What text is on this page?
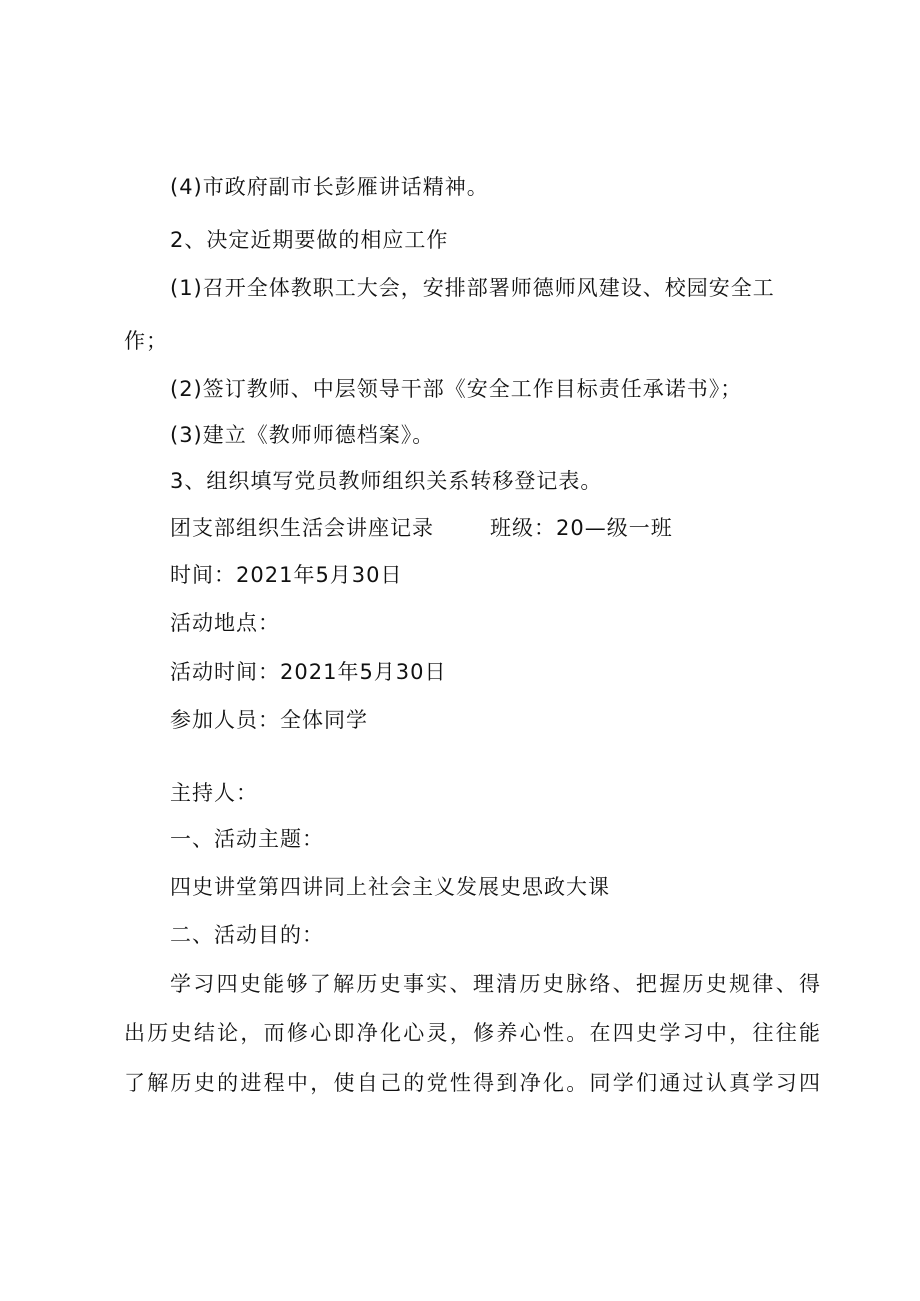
(4)市政府副市长彭雁讲话精神。
2、决定近期要做的相应工作
(1)召开全体教职工大会，安排部署师德师风建设、校园安全工
作；
(2)签订教师、中层领导干部《安全工作目标责任承诺书》；
(3)建立《教师师德档案》。
3、组织填写党员教师组织关系转移登记表。
团支部组织生活会讲座记录	班级：20—级一班
时间：2021年5月30日
活动地点：
活动时间：2021年5月30日
参加人员：全体同学
主持人：
一、活动主题：
四史讲堂第四讲同上社会主义发展史思政大课
二、活动目的：
学习四史能够了解历史事实、理清历史脉络、把握历史规律、得
出历史结论，而修心即净化心灵，修养心性。在四史学习中，往往能
了解历史的进程中，使自己的党性得到净化。同学们通过认真学习四
